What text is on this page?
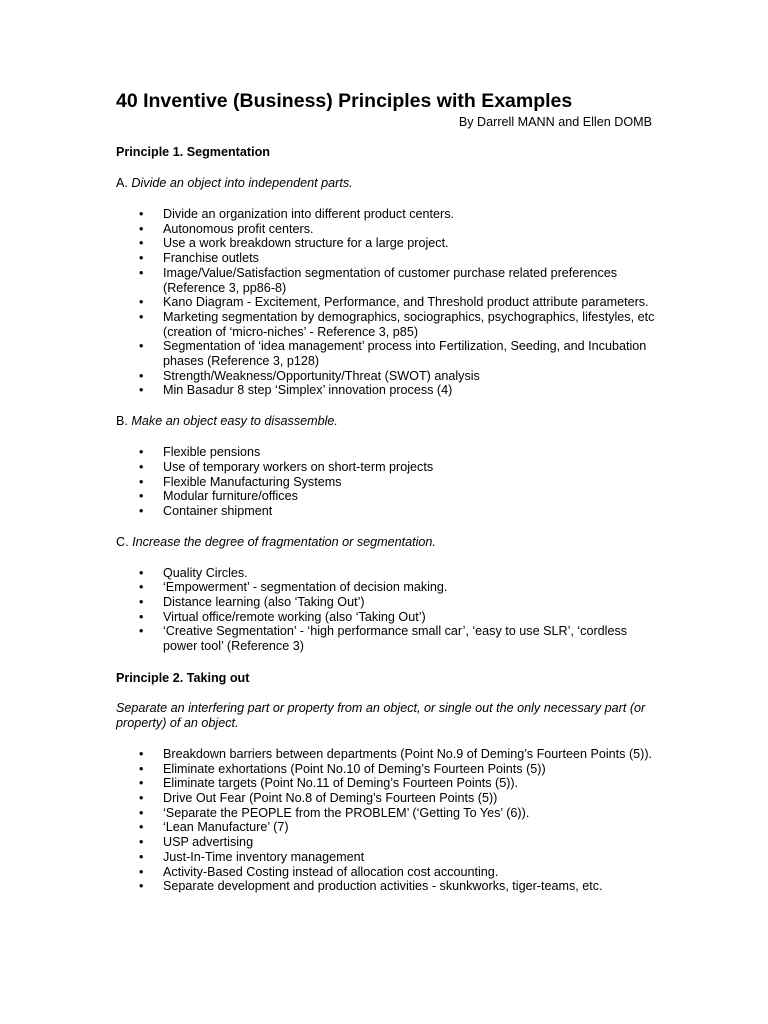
40 Inventive (Business) Principles with Examples

By Darrell MANN and Ellen DOMB

Principle 1. Segmentation

A. Divide an object into independent parts.

• Divide an organization into different product centers.
• Autonomous profit centers.
• Use a work breakdown structure for a large project.
• Franchise outlets
• Image/Value/Satisfaction segmentation of customer purchase related preferences (Reference 3, pp86-8)
• Kano Diagram - Excitement, Performance, and Threshold product attribute parameters.
• Marketing segmentation by demographics, sociographics, psychographics, lifestyles, etc (creation of ‘micro-niches’ - Reference 3, p85)
• Segmentation of ‘idea management’ process into Fertilization, Seeding, and Incubation phases (Reference 3, p128)
• Strength/Weakness/Opportunity/Threat (SWOT) analysis
• Min Basadur 8 step ‘Simplex’ innovation process (4)

B. Make an object easy to disassemble.

• Flexible pensions
• Use of temporary workers on short-term projects
• Flexible Manufacturing Systems
• Modular furniture/offices
• Container shipment

C. Increase the degree of fragmentation or segmentation.

• Quality Circles.
• ‘Empowerment’ - segmentation of decision making.
• Distance learning (also ‘Taking Out’)
• Virtual office/remote working (also ‘Taking Out’)
• ‘Creative Segmentation’ - ‘high performance small car’, ‘easy to use SLR’, ‘cordless power tool’ (Reference 3)

Principle 2. Taking out

Separate an interfering part or property from an object, or single out the only necessary part (or property) of an object.

• Breakdown barriers between departments (Point No.9 of Deming’s Fourteen Points (5)).
• Eliminate exhortations (Point No.10 of Deming’s Fourteen Points (5))
• Eliminate targets (Point No.11 of Deming’s Fourteen Points (5)).
• Drive Out Fear (Point No.8 of Deming’s Fourteen Points (5))
• ‘Separate the PEOPLE from the PROBLEM’ (‘Getting To Yes’ (6)).
• ‘Lean Manufacture’ (7)
• USP advertising
• Just-In-Time inventory management
• Activity-Based Costing instead of allocation cost accounting.
• Separate development and production activities - skunkworks, tiger-teams, etc.
